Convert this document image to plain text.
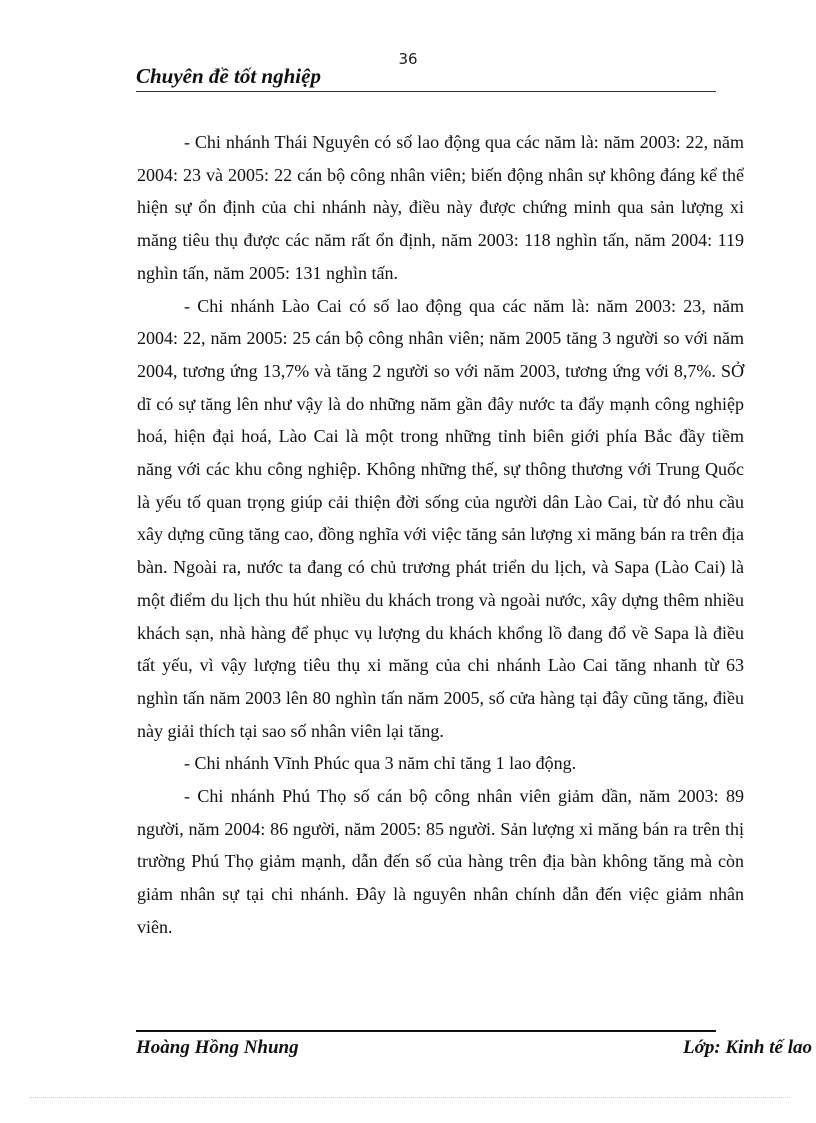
36
Chuyên đề tốt nghiệp

- Chi nhánh Thái Nguyên có số lao động qua các năm là: năm 2003: 22, năm 2004: 23 và 2005: 22 cán bộ công nhân viên; biến động nhân sự không đáng kể thể hiện sự ổn định của chi nhánh này, điều này được chứng minh qua sản lượng xi măng tiêu thụ được các năm rất ổn định, năm 2003: 118 nghìn tấn, năm 2004: 119 nghìn tấn, năm 2005: 131 nghìn tấn.

- Chi nhánh Lào Cai có số lao động qua các năm là: năm 2003: 23, năm 2004: 22, năm 2005: 25 cán bộ công nhân viên; năm 2005 tăng 3 người so với năm 2004, tương ứng 13,7% và tăng 2 người so với năm 2003, tương ứng với 8,7%. SỞ dĩ có sự tăng lên như vậy là do những năm gần đây nước ta đẩy mạnh công nghiệp hoá, hiện đại hoá, Lào Cai là một trong những tỉnh biên giới phía Bắc đầy tiềm năng với các khu công nghiệp. Không những thế, sự thông thương với Trung Quốc là yếu tố quan trọng giúp cải thiện đời sống của người dân Lào Cai, từ đó nhu cầu xây dựng cũng tăng cao, đồng nghĩa với việc tăng sản lượng xi măng bán ra trên địa bàn. Ngoài ra, nước ta đang có chủ trương phát triển du lịch, và Sapa (Lào Cai) là một điểm du lịch thu hút nhiều du khách trong và ngoài nước, xây dựng thêm nhiều khách sạn, nhà hàng để phục vụ lượng du khách khổng lồ đang đổ về Sapa là điều tất yếu, vì vậy lượng tiêu thụ xi măng của chi nhánh Lào Cai tăng nhanh từ 63 nghìn tấn năm 2003 lên 80 nghìn tấn năm 2005, số cửa hàng tại đây cũng tăng, điều này giải thích tại sao số nhân viên lại tăng.

- Chi nhánh Vĩnh Phúc qua 3 năm chỉ tăng 1 lao động.

- Chi nhánh Phú Thọ số cán bộ công nhân viên giảm dần, năm 2003: 89 người, năm 2004: 86 người, năm 2005: 85 người. Sản lượng xi măng bán ra trên thị trường Phú Thọ giảm mạnh, dẫn đến số của hàng trên địa bàn không tăng mà còn giảm nhân sự tại chi nhánh. Đây là nguyên nhân chính dẫn đến việc giảm nhân viên.

Hoàng Hồng Nhung	Lớp: Kinh tế lao
